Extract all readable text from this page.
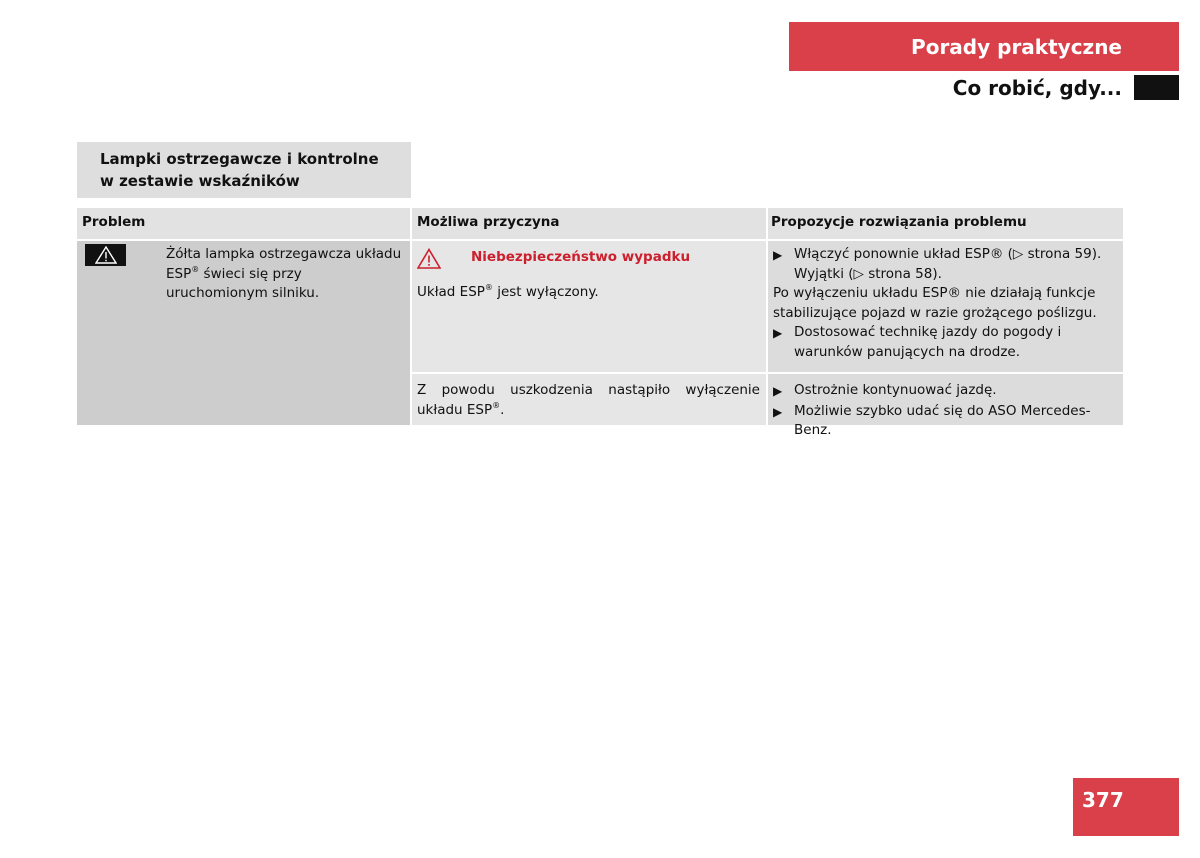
Porady praktyczne
Co robić, gdy...
Lampki ostrzegawcze i kontrolne
w zestawie wskaźników
Problem	Możliwa przyczyna	Propozycje rozwiązania problemu
Żółta lampka ostrzegawcza układu ESP® świeci się przy uruchomionym silniku.
Niebezpieczeństwo wypadku
Układ ESP® jest wyłączony.
▶ Włączyć ponownie układ ESP® (▷ strona 59). Wyjątki (▷ strona 58).
Po wyłączeniu układu ESP® nie działają funkcje stabilizujące pojazd w razie grożącego poślizgu.
▶ Dostosować technikę jazdy do pogody i warunków panujących na drodze.
Z powodu uszkodzenia nastąpiło wyłączenie układu ESP®.
▶ Ostrożnie kontynuować jazdę.
▶ Możliwie szybko udać się do ASO Mercedes-Benz.
377
